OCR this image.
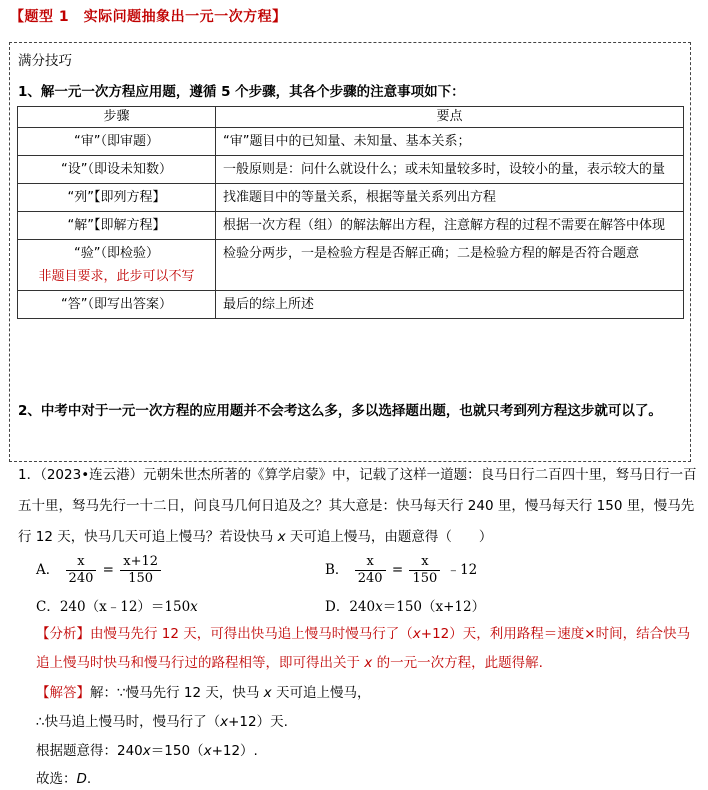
【题型 1　实际问题抽象出一元一次方程】
满分技巧
1、解一元一次方程应用题，遵循 5 个步骤，其各个步骤的注意事项如下：
步骤	要点
“审”（即审题）	“审”题目中的已知量、未知量、基本关系；
“设”（即设未知数）	一般原则是：问什么就设什么；或未知量较多时，设较小的量，表示较大的量
“列”【即列方程】	找准题目中的等量关系，根据等量关系列出方程
“解”【即解方程】	根据一次方程（组）的解法解出方程，注意解方程的过程不需要在解答中体现

“验”（即检验）
非题目要求，此步可以不写	检验分两步，一是检验方程是否解正确；二是检验方程的解是否符合题意
“答”（即写出答案）	最后的综上所述
2、中考中对于一元一次方程的应用题并不会考这么多，多以选择题出题，也就只考到列方程这步就可以了。
1．（2023•连云港）元朝朱世杰所著的《算学启蒙》中，记载了这样一道题：良马日行二百四十里，驽马日行一百五十里，驽马先行一十二日，问良马几何日追及之？其大意是：快马每天行 240 里，慢马每天行 150 里，慢马先行 12 天，快马几天可追上慢马？若设快马 x 天可追上慢马，由题意得（　　）
A． $\frac{x}{240} = \frac{x+12}{150}$	B． $\frac{x}{240} = \frac{x}{150}$ ﹣12
C．240（x﹣12）＝150x	D．240x＝150（x+12）
【分析】由慢马先行 12 天，可得出快马追上慢马时慢马行了（x+12）天，利用路程＝速度×时间，结合快马追上慢马时快马和慢马行过的路程相等，即可得出关于 x 的一元一次方程，此题得解.
【解答】解：∵慢马先行 12 天，快马 x 天可追上慢马，
∴快马追上慢马时，慢马行了（x+12）天.
根据题意得：240x＝150（x+12）.
故选：D.
